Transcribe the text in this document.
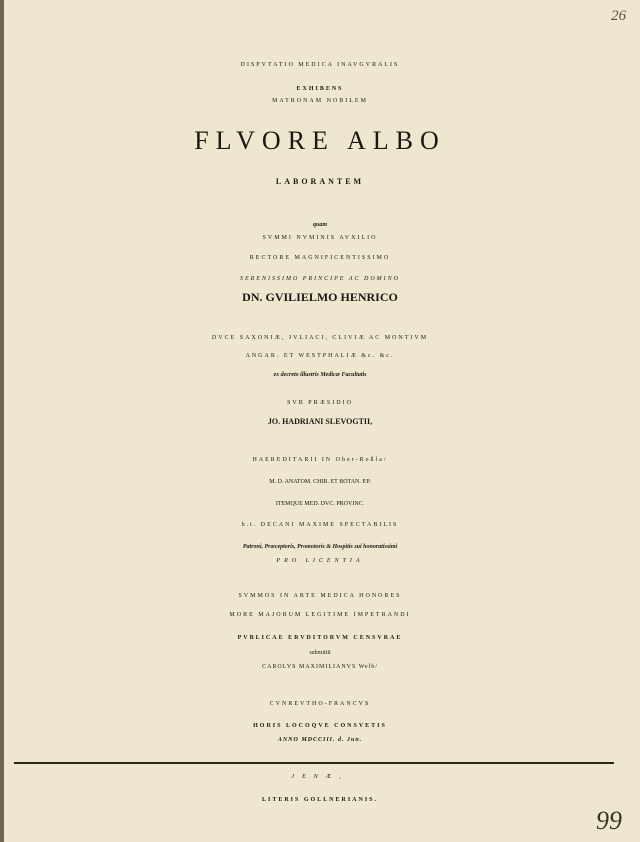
26
DISPVTATIO MEDICA INAVGVRALIS
EXHIBENS
MATRONAM NOBILEM
FLVORE ALBO
LABORANTEM
quam
SVMMI NVMINIS AVXILIO
RECTORE MAGNIFICENTISSIMO
SERENISSIMO PRINCIPE AC DOMINO
DN. GVILIELMO HENRICO
DVCE SAXONIÆ, JVLIACI, CLIVIÆ AC MONTIVM
ANGAR. ET WESTPHALIÆ &c. &c.
ex decreto illustris Medicæ Facultatis
SVB PRÆSIDIO
JO. HADRIANI SLEVOGTII,
HAEREDITARII IN Ober-Roßla/
M. D. ANATOM. CHIR. ET BOTAN. P.P.
ITEMQUE MED. DVC. PROVINC.
h.t. DECANI MAXIME SPECTABILIS
Patroni, Præceptoris, Promotoris & Hospitis sui honoratissimi
PRO LICENTIA
SVMMOS IN ARTE MEDICA HONORES
MORE MAJORUM LEGITIME IMPETRANDI
PVBLICAE ERVDITORVM CENSVRAE
submittit
CAROLVS MAXIMILIANVS Welb/
CVNREVTHO-FRANCVS
HORIS LOCOQVE CONSVETIS
ANNO MDCCIII. d. Jun.
JENÆ,
LITERIS GOLLNERIANIS.
99
